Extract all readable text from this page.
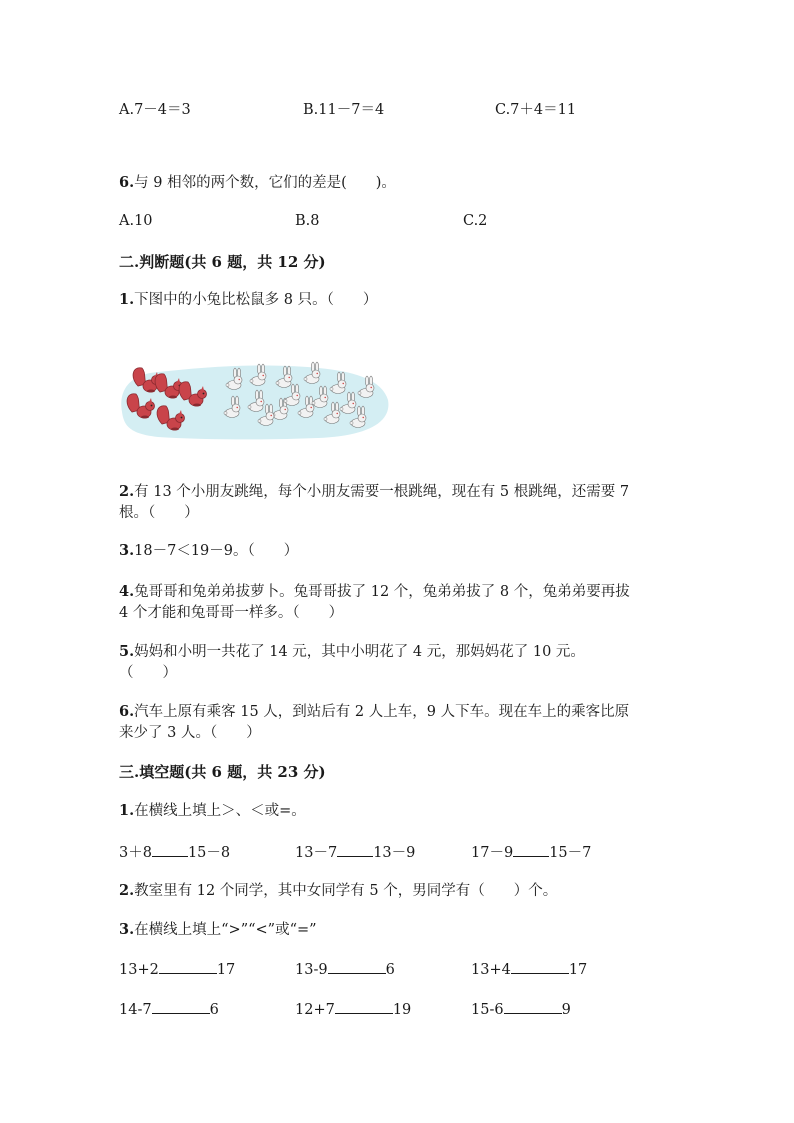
A.7－4＝3	B.11－7＝4	C.7＋4＝11
6.与 9 相邻的两个数，它们的差是(　　)。
A.10	B.8	C.2
二.判断题(共 6 题，共 12 分)
1.下图中的小兔比松鼠多 8 只。（　　）
2.有 13 个小朋友跳绳，每个小朋友需要一根跳绳，现在有 5 根跳绳，还需要 7
根。（　　）
3.18－7＜19－9。（　　）
4.兔哥哥和兔弟弟拔萝卜。兔哥哥拔了 12 个，兔弟弟拔了 8 个，兔弟弟要再拔
4 个才能和兔哥哥一样多。（　　）
5.妈妈和小明一共花了 14 元，其中小明花了 4 元，那妈妈花了 10 元。
（　　）
6.汽车上原有乘客 15 人，到站后有 2 人上车，9 人下车。现在车上的乘客比原
来少了 3 人。（　　）
三.填空题(共 6 题，共 23 分)
1.在横线上填上＞、＜或=。
3＋8 15－8	13－7 13－9	17－9 15－7
2.教室里有 12 个同学，其中女同学有 5 个，男同学有（　　）个。
3.在横线上填上“>”“<”或“=”
13+2	17	13-9	6	13+4	17
14-7	6	12+7	19	15-6	9
